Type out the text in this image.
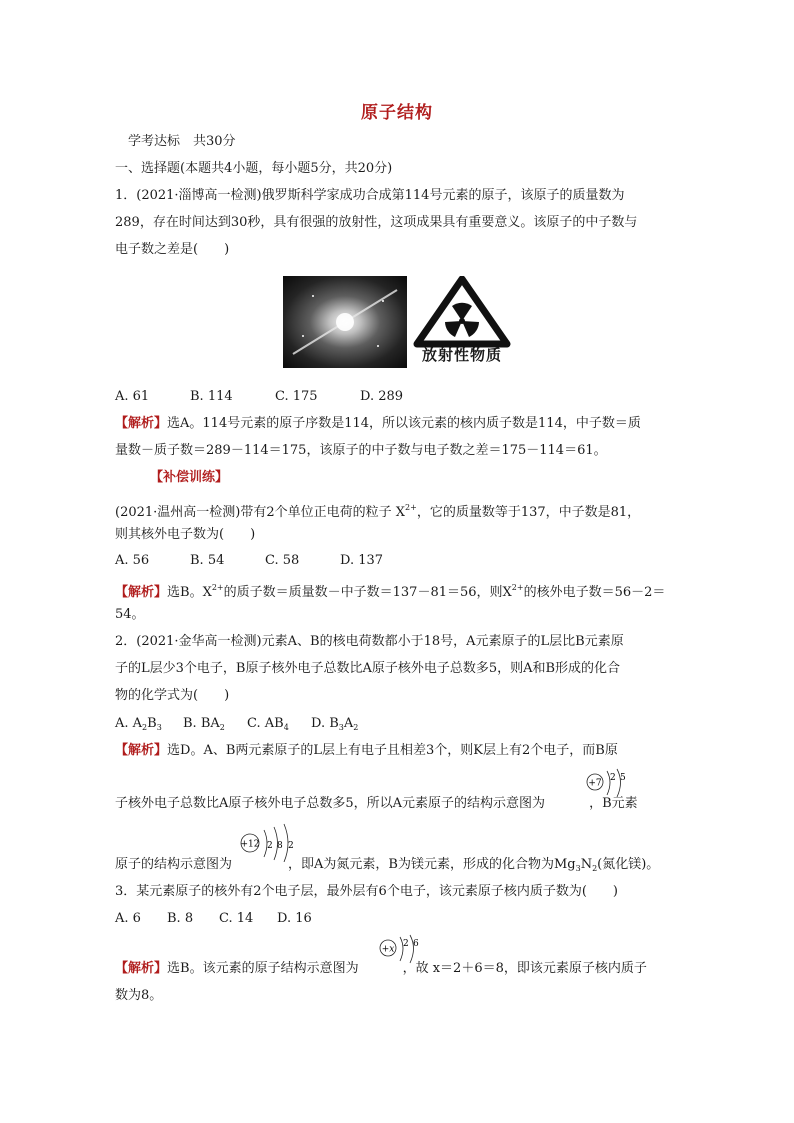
原子结构
学考达标　共30分
一、选择题(本题共4小题，每小题5分，共20分)
1．(2021·淄博高一检测)俄罗斯科学家成功合成第114号元素的原子，该原子的质量数为
289，存在时间达到30秒，具有很强的放射性，这项成果具有重要意义。该原子的中子数与
电子数之差是(　　)
放射性物质
A. 61	B. 114	C. 175	D. 289
【解析】选A。114号元素的原子序数是114，所以该元素的核内质子数是114，中子数＝质
量数－质子数＝289－114＝175，该原子的中子数与电子数之差＝175－114＝61。
【补偿训练】
(2021·温州高一检测)带有2个单位正电荷的粒子 $X^{2+}$，它的质量数等于137，中子数是81，
则其核外电子数为(　　)
A. 56	B. 54	C. 58	D. 137
【解析】选B。$X^{2+}$的质子数＝质量数－中子数＝137－81＝56，则$X^{2+}$的核外电子数＝56－2＝
54。
2．(2021·金华高一检测)元素A、B的核电荷数都小于18号，A元素原子的L层比B元素原
子的L层少3个电子，B原子核外电子总数比A原子核外电子总数多5，则A和B形成的化合
物的化学式为(　　)
A. A2B3 B. BA2 C. AB4 D. B3A2
【解析】选D。A、B两元素原子的L层上有电子且相差3个，则K层上有2个电子，而B原
子核外电子总数比A原子核外电子总数多5，所以A元素原子的结构示意图为	，B元素
原子的结构示意图为	，即A为氮元素，B为镁元素，形成的化合物为$Mg_3N_2$(氮化镁)。
+7
2 5
+12 2 8 2
3．某元素原子的核外有2个电子层，最外层有6个电子，该元素原子核内质子数为(　　)
A. 6 B. 8 C. 14 D. 16
【解析】选B。该元素的原子结构示意图为	，故 x＝2＋6＝8，即该元素原子核内质子
数为8。
+x
2 6
